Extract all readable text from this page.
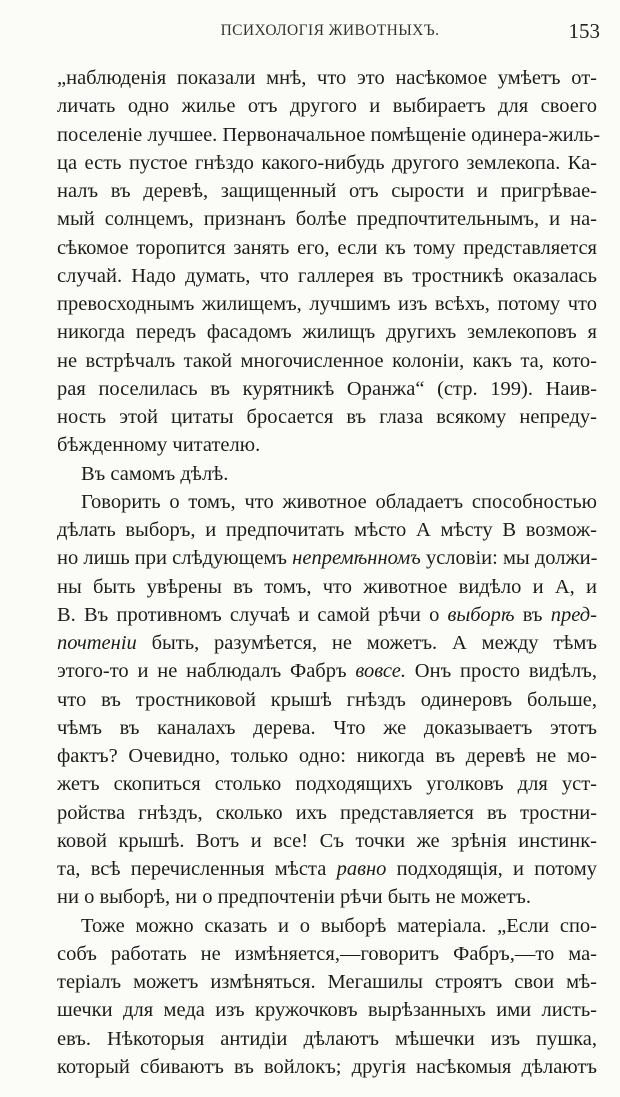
ПСИХОЛОГІЯ ЖИВОТНЫХЪ.	153
„наблюденія показали мнѣ, что это насѣкомое умѣетъ от-
личать одно жилье отъ другого и выбираетъ для своего
поселеніе лучшее. Первоначальное помѣщеніе одинера-жиль-
ца есть пустое гнѣздо какого-нибудь другого землекопа. Ка-
налъ въ деревѣ, защищенный отъ сырости и пригрѣвае-
мый солнцемъ, признанъ болѣе предпочтительнымъ, и на-
сѣкомое торопится занять его, если къ тому представляется
случай. Надо думать, что галлерея въ тростникѣ оказалась
превосходнымъ жилищемъ, лучшимъ изъ всѣхъ, потому что
никогда передъ фасадомъ жилищъ другихъ землекоповъ я
не встрѣчалъ такой многочисленное колоніи, какъ та, кото-
рая поселилась въ курятникѣ Оранжа“ (стр. 199). Наив-
ность этой цитаты бросается въ глаза всякому непреду-
бѣжденному читателю.
Въ самомъ дѣлѣ.
Говорить о томъ, что животное обладаетъ способностью
дѣлать выборъ, и предпочитать мѣсто А мѣсту В возмож-
но лишь при слѣдующемъ непремѣнномъ условіи: мы должи-
ны быть увѣрены въ томъ, что животное видѣло и А, и
В. Въ противномъ случаѣ и самой рѣчи о выборѣ въ пред-
почтеніи быть, разумѣется, не можетъ. А между тѣмъ
этого-то и не наблюдалъ Фабръ вовсе. Онъ просто видѣлъ,
что въ тростниковой крышѣ гнѣздъ одинеровъ больше,
чѣмъ въ каналахъ дерева. Что же доказываетъ этотъ
фактъ? Очевидно, только одно: никогда въ деревѣ не мо-
жетъ скопиться столько подходящихъ уголковъ для уст-
ройства гнѣздъ, сколько ихъ представляется въ тростни-
ковой крышѣ. Вотъ и все! Съ точки же зрѣнія инстинк-
та, всѣ перечисленныя мѣста равно подходящія, и потому
ни о выборѣ, ни о предпочтеніи рѣчи быть не можетъ.
Тоже можно сказать и о выборѣ матеріала. „Если спо-
собъ работать не измѣняется,—говоритъ Фабръ,—то ма-
теріалъ можетъ измѣняться. Мегашилы строятъ свои мѣ-
шечки для меда изъ кружочковъ вырѣзанныхъ ими листь-
евъ. Нѣкоторыя антидіи дѣлаютъ мѣшечки изъ пушка,
который сбиваютъ въ войлокъ; другія насѣкомыя дѣлаютъ
